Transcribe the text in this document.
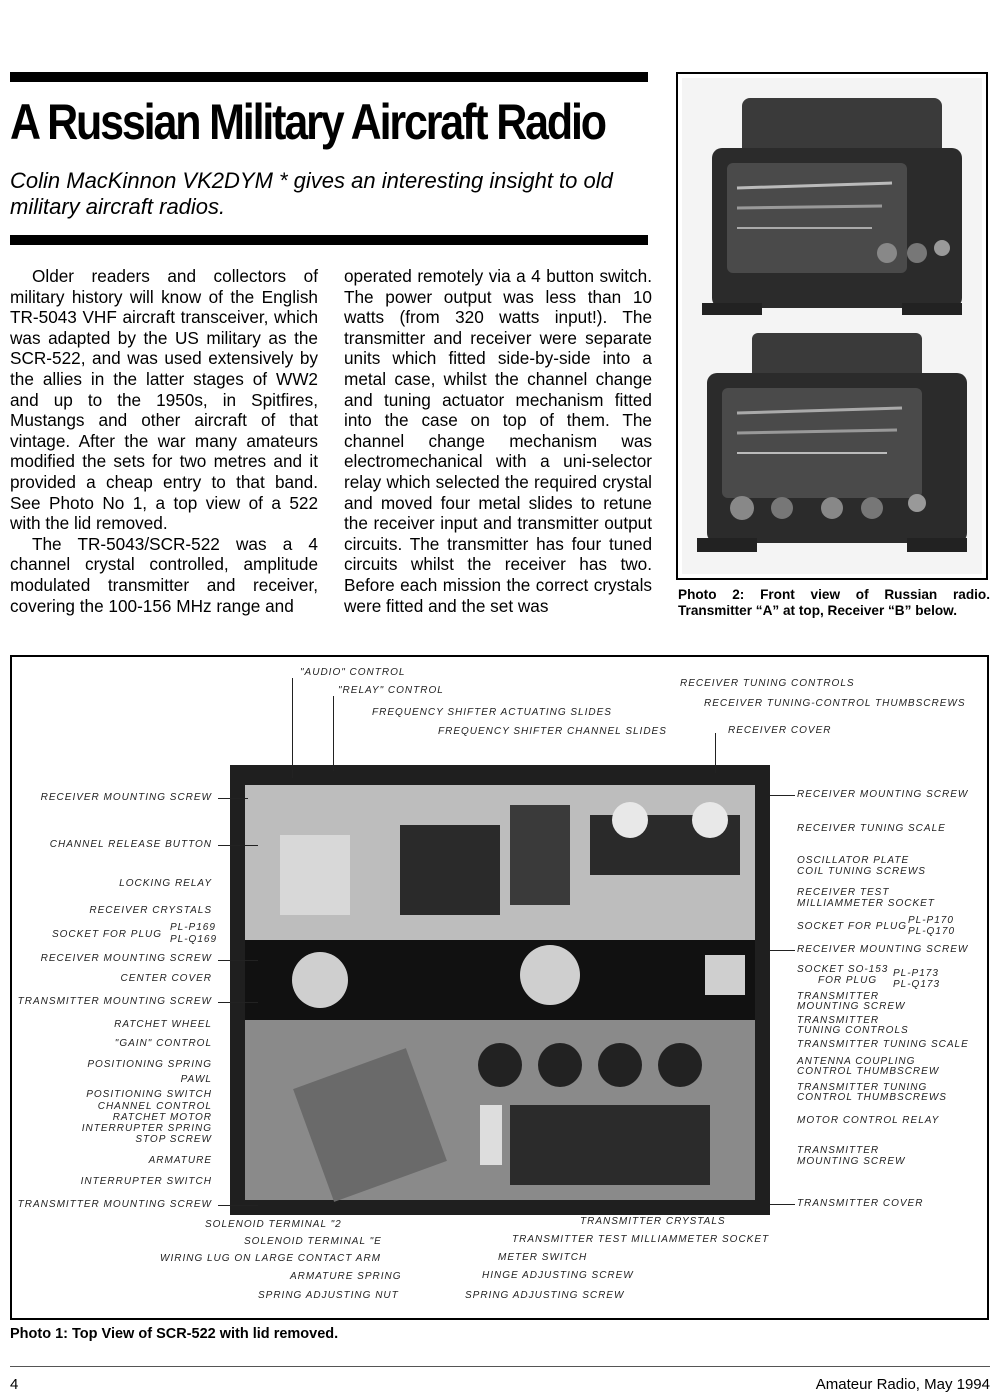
A Russian Military Aircraft Radio
Colin MacKinnon VK2DYM * gives an interesting insight to old military aircraft radios.

Older readers and collectors of military history will know of the English TR-5043 VHF aircraft transceiver, which was adapted by the US military as the SCR-522, and was used extensively by the allies in the latter stages of WW2 and up to the 1950s, in Spitfires, Mustangs and other aircraft of that vintage. After the war many amateurs modified the sets for two metres and it provided a cheap entry to that band. See Photo No 1, a top view of a 522 with the lid removed.

The TR-5043/SCR-522 was a 4 channel crystal controlled, amplitude modulated transmitter and receiver, covering the 100-156 MHz range and

operated remotely via a 4 button switch. The power output was less than 10 watts (from 320 watts input!). The transmitter and receiver were separate units which fitted side-by-side into a metal case, whilst the channel change and tuning actuator mechanism fitted into the case on top of them. The channel change mechanism was electromechanical with a uni-selector relay which selected the required crystal and moved four metal slides to retune the receiver input and transmitter output circuits. The transmitter has four tuned circuits whilst the receiver has two. Before each mission the correct crystals were fitted and the set was

Photo 2: Front view of Russian radio. Transmitter “A” at top, Receiver “B” below.
"AUDIO" CONTROL
"RELAY" CONTROL
FREQUENCY SHIFTER ACTUATING SLIDES
FREQUENCY SHIFTER CHANNEL SLIDES
RECEIVER TUNING CONTROLS
RECEIVER TUNING-CONTROL THUMBSCREWS
RECEIVER COVER
RECEIVER MOUNTING SCREW
CHANNEL RELEASE BUTTON
LOCKING RELAY
RECEIVER CRYSTALS
SOCKET FOR PLUG
PL-P169
PL-Q169
RECEIVER MOUNTING SCREW
CENTER COVER
TRANSMITTER MOUNTING SCREW
RATCHET WHEEL
"GAIN" CONTROL
POSITIONING SPRING
PAWL
POSITIONING SWITCH
CHANNEL CONTROL
RATCHET MOTOR
INTERRUPTER SPRING
STOP SCREW
ARMATURE
INTERRUPTER SWITCH
TRANSMITTER MOUNTING SCREW
RECEIVER MOUNTING SCREW
RECEIVER TUNING SCALE
OSCILLATOR PLATE
COIL TUNING SCREWS
RECEIVER TEST
MILLIAMMETER SOCKET
SOCKET FOR PLUG
PL-P170
PL-Q170
RECEIVER MOUNTING SCREW
SOCKET SO-153
FOR PLUG
PL-P173
PL-Q173
TRANSMITTER
MOUNTING SCREW
TRANSMITTER
TUNING CONTROLS
TRANSMITTER TUNING SCALE
ANTENNA COUPLING
CONTROL THUMBSCREW
TRANSMITTER TUNING
CONTROL THUMBSCREWS
MOTOR CONTROL RELAY
TRANSMITTER
MOUNTING SCREW
TRANSMITTER COVER
SOLENOID TERMINAL "2
SOLENOID TERMINAL "E
WIRING LUG ON LARGE CONTACT ARM
ARMATURE SPRING
SPRING ADJUSTING NUT
TRANSMITTER CRYSTALS
TRANSMITTER TEST MILLIAMMETER SOCKET
METER SWITCH
HINGE ADJUSTING SCREW
SPRING ADJUSTING SCREW
Photo 1: Top View of SCR-522 with lid removed.
4	Amateur Radio, May 1994
